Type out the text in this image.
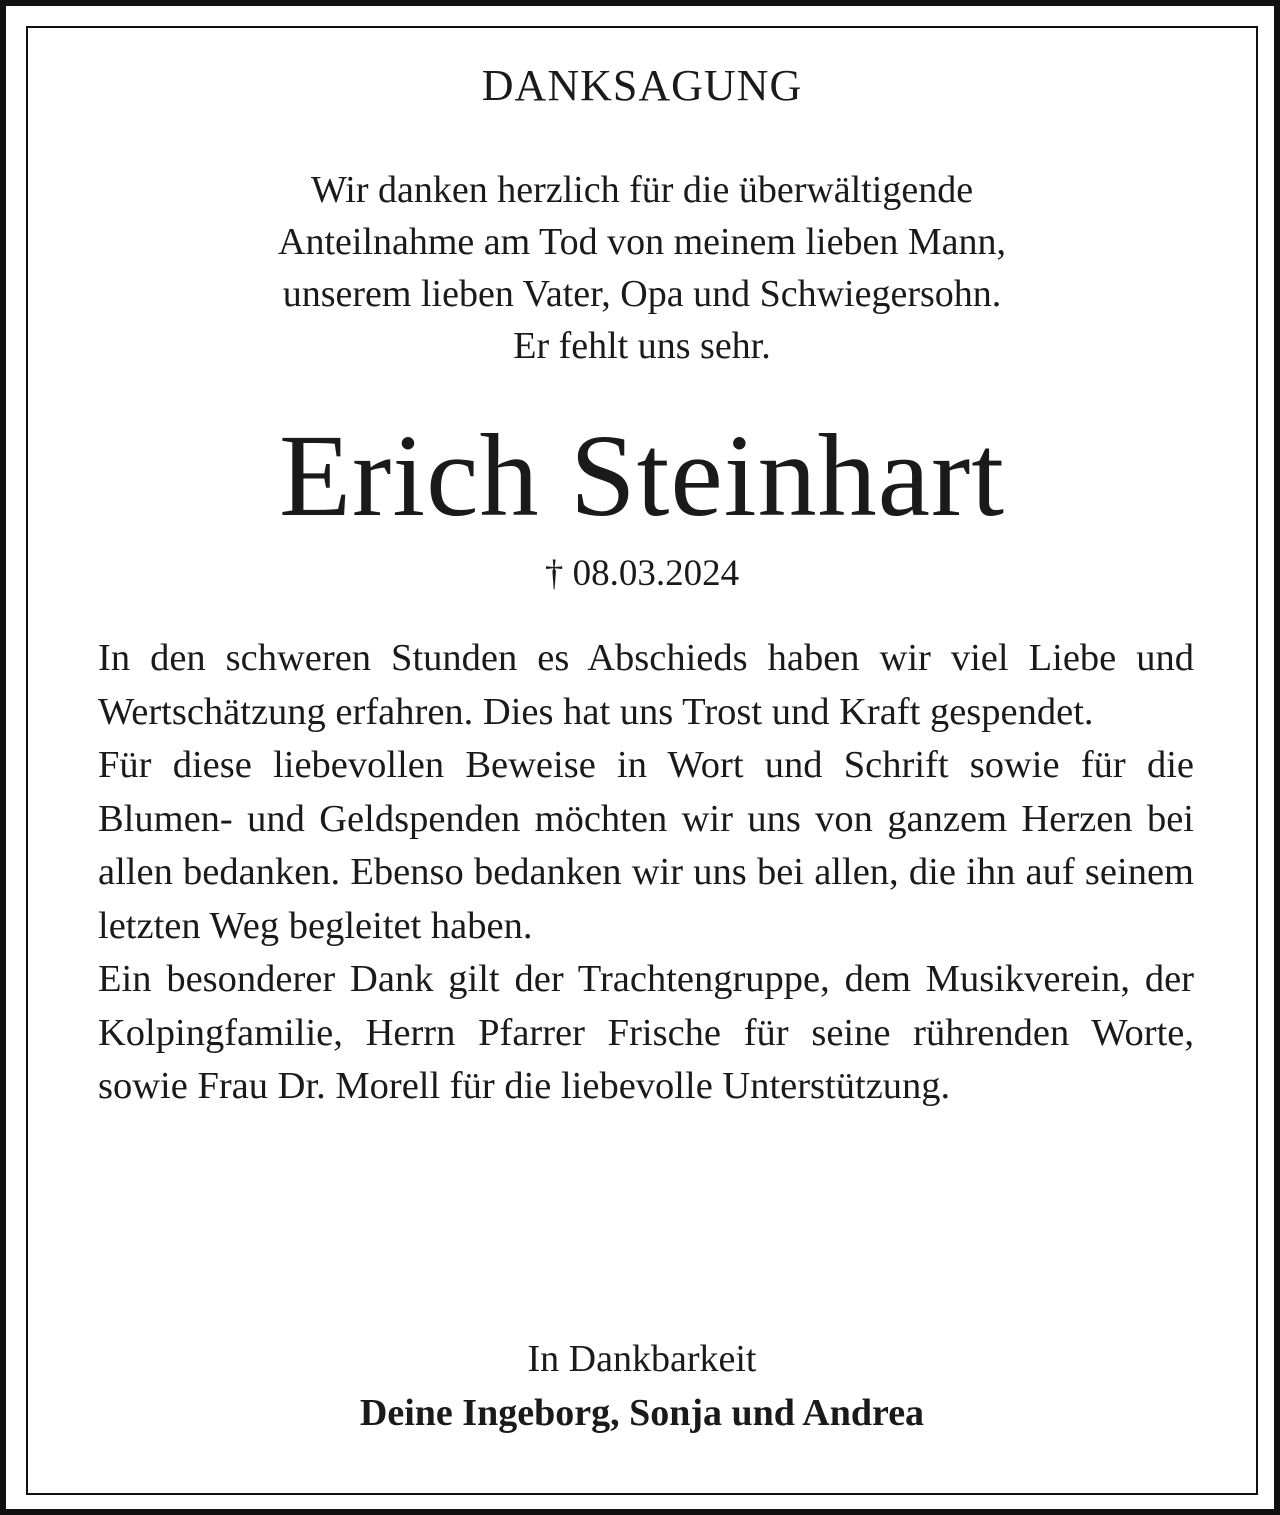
DANKSAGUNG
Wir danken herzlich für die überwältigende
Anteilnahme am Tod von meinem lieben Mann,
unserem lieben Vater, Opa und Schwiegersohn.
Er fehlt uns sehr.
Erich Steinhart
† 08.03.2024

In den schweren Stunden es Abschieds haben wir viel Liebe und Wertschätzung erfahren. Dies hat uns Trost und Kraft gespendet.

Für diese liebevollen Beweise in Wort und Schrift sowie für die Blumen- und Geldspenden möchten wir uns von ganzem Herzen bei allen bedanken. Ebenso bedanken wir uns bei allen, die ihn auf seinem letzten Weg begleitet haben.

Ein besonderer Dank gilt der Trachtengruppe, dem Musikverein, der Kolpingfamilie, Herrn Pfarrer Frische für seine rührenden Worte, sowie Frau Dr. Morell für die liebevolle Unterstützung.

In Dankbarkeit
Deine Ingeborg, Sonja und Andrea
